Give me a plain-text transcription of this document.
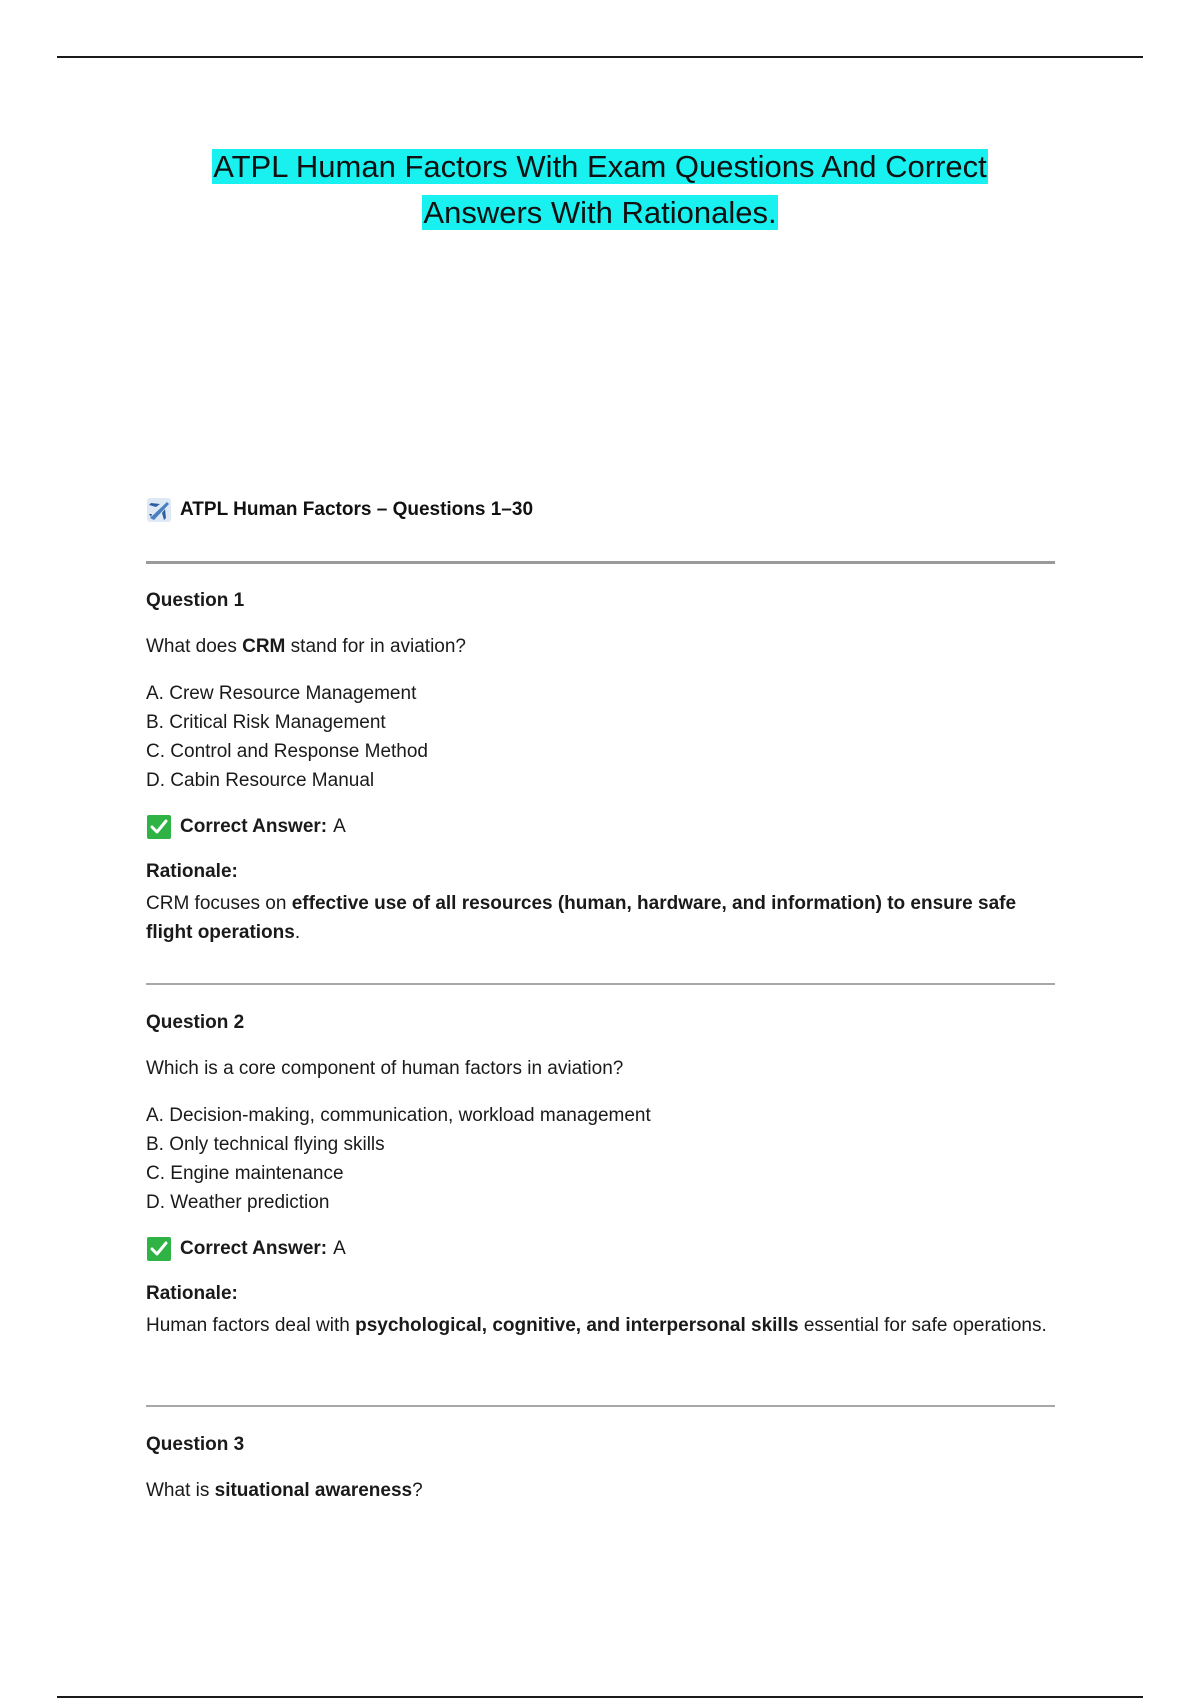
ATPL Human Factors With Exam Questions And Correct
Answers With Rationales.
ATPL Human Factors – Questions 1–30
Question 1
What does CRM stand for in aviation?
A. Crew Resource Management
B. Critical Risk Management
C. Control and Response Method
D. Cabin Resource Manual
Correct Answer: A
Rationale:
CRM focuses on effective use of all resources (human, hardware, and information) to ensure safe flight operations.
Question 2
Which is a core component of human factors in aviation?
A. Decision-making, communication, workload management
B. Only technical flying skills
C. Engine maintenance
D. Weather prediction
Correct Answer: A
Rationale:
Human factors deal with psychological, cognitive, and interpersonal skills essential for safe operations.
Question 3
What is situational awareness?
